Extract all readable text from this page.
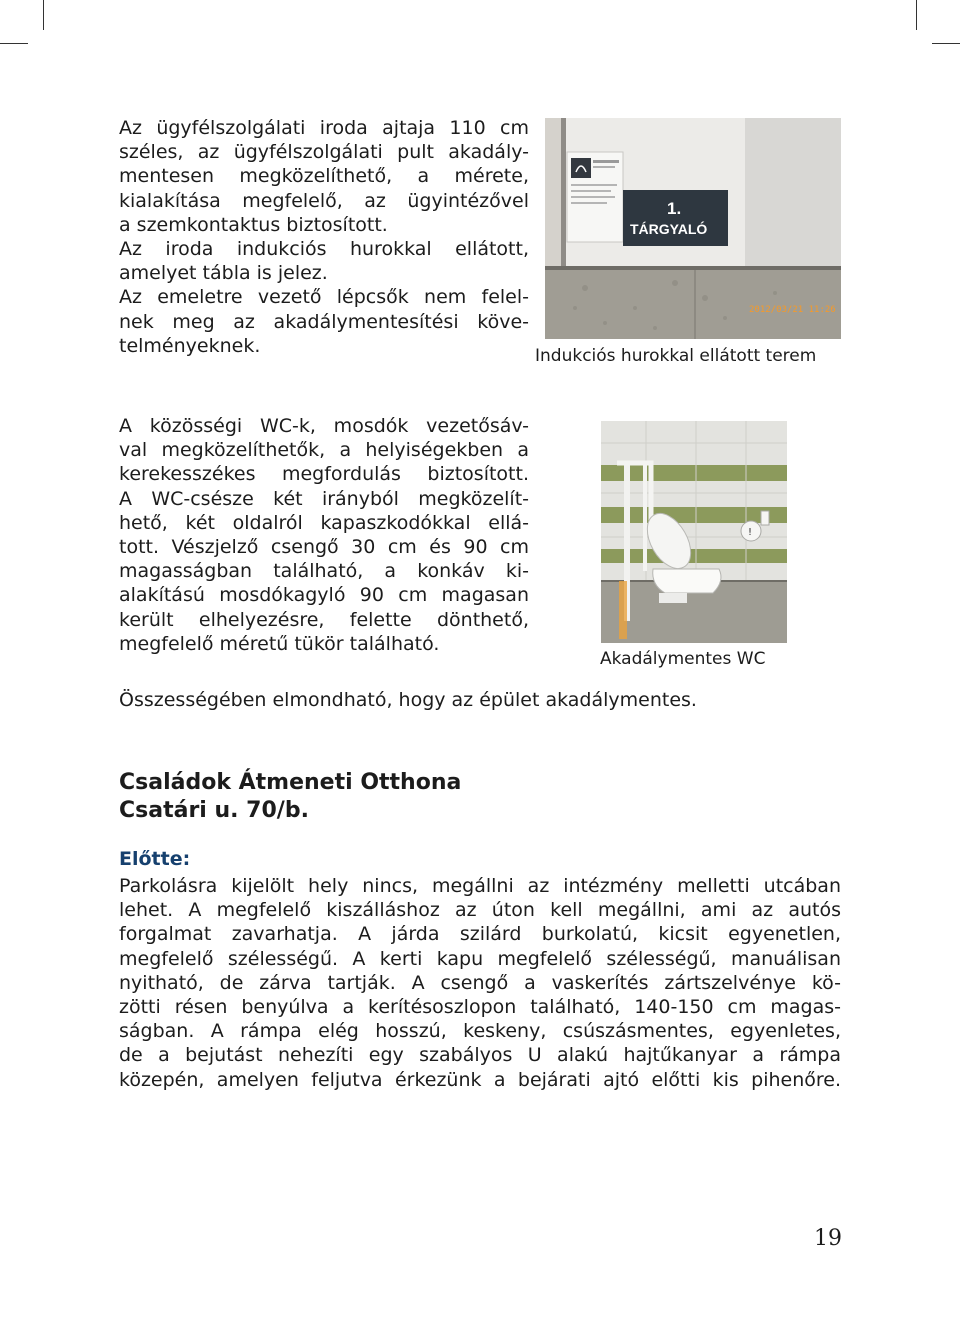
Az ügyfélszolgálati iroda ajtaja 110 cm
széles, az ügyfélszolgálati pult akadály-
mentesen megközelíthető, a mérete,
kialakítása megfelelő, az ügyintézővel
a szemkontaktus biztosított.
Az iroda indukciós hurokkal ellátott,
amelyet tábla is jelez.
Az emeletre vezető lépcsők nem felel-
nek meg az akadálymentesítési köve-
telményeknek.
1.
TÁRGYALÓ
2012/03/21 11:26

Indukciós hurokkal ellátott terem

A közösségi WC-k, mosdók vezetősáv-
val megközelíthetők, a helyiségekben a
kerekesszékes megfordulás biztosított.
A WC-csésze két irányból megközelít-
hető, két oldalról kapaszkodókkal ellá-
tott. Vészjelző csengő 30 cm és 90 cm
magasságban található, a konkáv ki-
alakítású mosdókagyló 90 cm magasan
került elhelyezésre, felette dönthető,
megfelelő méretű tükör található.
!

Akadálymentes WC

Összességében elmondható, hogy az épület akadálymentes.

Családok Átmeneti Otthona

Csatári u. 70/b.

Előtte:

Parkolásra kijelölt hely nincs, megállni az intézmény melletti utcában
lehet. A megfelelő kiszálláshoz az úton kell megállni, ami az autós
forgalmat zavarhatja. A járda szilárd burkolatú, kicsit egyenetlen,
megfelelő szélességű. A kerti kapu megfelelő szélességű, manuálisan
nyitható, de zárva tartják. A csengő a vaskerítés zártszelvénye kö-
zötti résen benyúlva a kerítésoszlopon található, 140-150 cm magas-
ságban. A rámpa elég hosszú, keskeny, csúszásmentes, egyenletes,
de a bejutást nehezíti egy szabályos U alakú hajtűkanyar a rámpa
közepén, amelyen feljutva érkezünk a bejárati ajtó előtti kis pihenőre.
19
